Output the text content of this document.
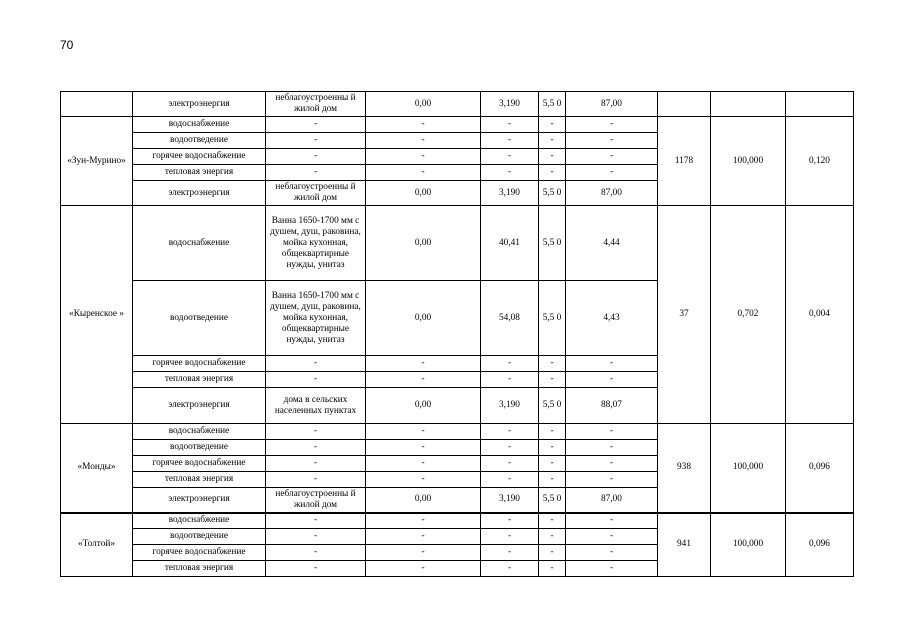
70
	электроэнергия	неблагоустроенны й жилой дом	0,00	3,190	5,5 0	87,00			
«Зун-Мурино»	водоснабжение	-	-	-	-	-	1178	100,000	0,120
	водоотведение	-	-	-	-	-			
	горячее водоснабжение	-	-	-	-	-			
	тепловая энергия	-	-	-	-	-			
	электроэнергия	неблагоустроенны й жилой дом	0,00	3,190	5,5 0	87,00			
«Кыренское »	водоснабжение	Ванна 1650-1700 мм с душем, душ, раковина, мойка кухонная, общеквартирные нужды, унитаз	0,00	40,41	5,5 0	4,44	37	0,702	0,004
	водоотведение	Ванна 1650-1700 мм с душем, душ, раковина, мойка кухонная, общеквартирные нужды, унитаз	0,00	54,08	5,5 0	4,43			
	горячее водоснабжение	-	-	-	-	-			
	тепловая энергия	-	-	-	-	-			
	электроэнергия	дома в сельских населенных пунктах	0,00	3,190	5,5 0	88,07			
«Монды»	водоснабжение	-	-	-	-	-	938	100,000	0,096
	водоотведение	-	-	-	-	-			
	горячее водоснабжение	-	-	-	-	-			
	тепловая энергия	-	-	-	-	-			
	электроэнергия	неблагоустроенны й жилой дом	0,00	3,190	5,5 0	87,00			
«Толтой»	водоснабжение	-	-	-	-	-	941	100,000	0,096
	водоотведение	-	-	-	-	-			
	горячее водоснабжение	-	-	-	-	-			
	тепловая энергия	-	-	-	-	-			
